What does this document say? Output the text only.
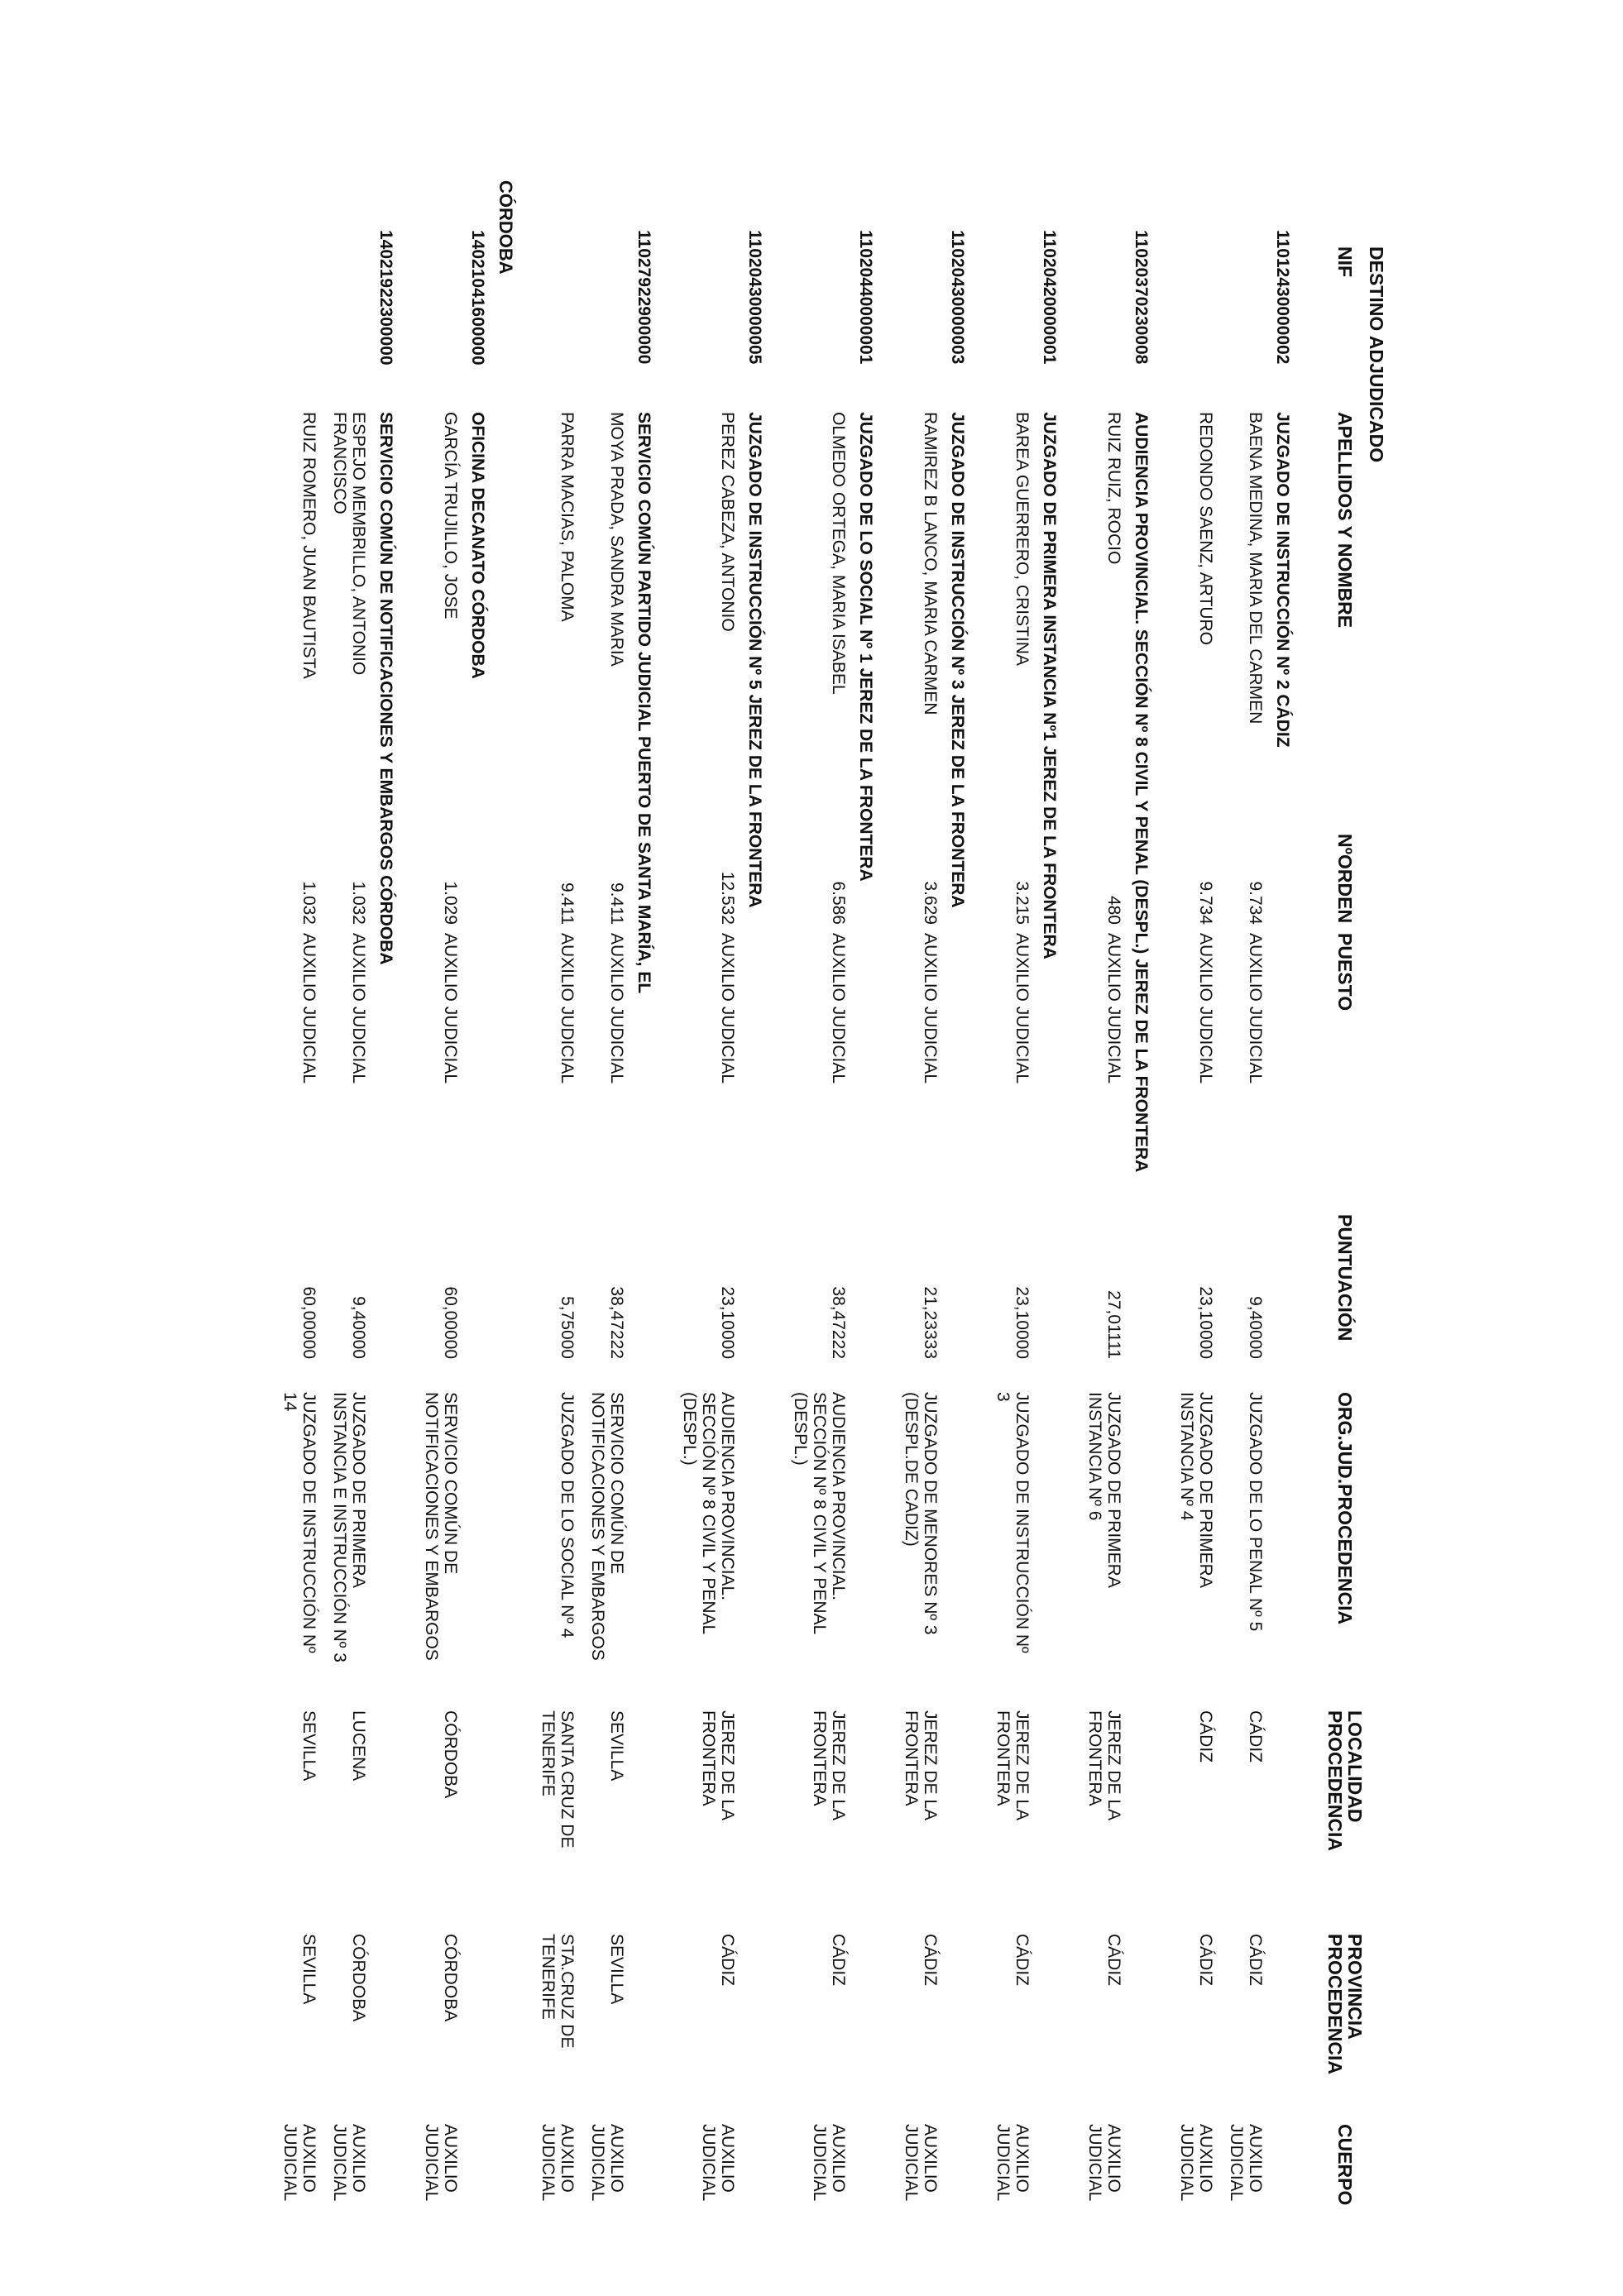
DESTINO ADJUDICADO
NIF
APELLIDOS Y NOMBRE
NºORDEN
PUESTO
PUNTUACIÓN
ORG.JUD.PROCEDENCIA
LOCALIDAD
PROCEDENCIA
PROVINCIA
PROCEDENCIA
CUERPO
11012430000002
JUZGADO DE INSTRUCCIÓN Nº 2 CÁDIZ
BAENA MEDINA, MARIA DEL CARMEN
9.734
AUXILIO JUDICIAL
9,40000
JUZGADO DE LO PENAL Nº 5
CÁDIZ
CÁDIZ
AUXILIO
JUDICIAL
REDONDO SAENZ, ARTURO
9.734
AUXILIO JUDICIAL
23,10000
JUZGADO DE PRIMERA
INSTANCIA Nº 4
CÁDIZ
CÁDIZ
AUXILIO
JUDICIAL
11020370230008
AUDIENCIA PROVINCIAL. SECCIÓN Nº 8 CIVIL Y PENAL (DESPL.) JEREZ DE LA FRONTERA
RUIZ RUIZ, ROCIO
480
AUXILIO JUDICIAL
27,01111
JUZGADO DE PRIMERA
INSTANCIA Nº 6
JEREZ DE LA
FRONTERA
CÁDIZ
AUXILIO
JUDICIAL
11020420000001
JUZGADO DE PRIMERA INSTANCIA Nº1 JEREZ DE LA FRONTERA
BAREA GUERRERO, CRISTINA
3.215
AUXILIO JUDICIAL
23,10000
JUZGADO DE INSTRUCCIÓN Nº
3
JEREZ DE LA
FRONTERA
CÁDIZ
AUXILIO
JUDICIAL
11020430000003
JUZGADO DE INSTRUCCIÓN Nº 3 JEREZ DE LA FRONTERA
RAMIREZ B LANCO, MARIA CARMEN
3.629
AUXILIO JUDICIAL
21,23333
JUZGADO DE MENORES Nº 3
(DESPL.DE CADIZ)
JEREZ DE LA
FRONTERA
CÁDIZ
AUXILIO
JUDICIAL
11020440000001
JUZGADO DE LO SOCIAL Nº 1 JEREZ DE LA FRONTERA
OLMEDO ORTEGA, MARIA ISABEL
6.586
AUXILIO JUDICIAL
38,47222
AUDIENCIA PROVINCIAL.
SECCIÓN Nº 8 CIVIL Y PENAL
(DESPL.)
JEREZ DE LA
FRONTERA
CÁDIZ
AUXILIO
JUDICIAL
11020430000005
JUZGADO DE INSTRUCCIÓN Nº 5 JEREZ DE LA FRONTERA
PEREZ CABEZA, ANTONIO
12.532
AUXILIO JUDICIAL
23,10000
AUDIENCIA PROVINCIAL.
SECCIÓN Nº 8 CIVIL Y PENAL
(DESPL.)
JEREZ DE LA
FRONTERA
CÁDIZ
AUXILIO
JUDICIAL
11027922900000
SERVICIO COMÚN PARTIDO JUDICIAL PUERTO DE SANTA MARÍA, EL
MOYA PRADA, SANDRA MARIA
9.411
AUXILIO JUDICIAL
38,47222
SERVICIO COMÚN DE
NOTIFICACIONES Y EMBARGOS
SEVILLA
SEVILLA
AUXILIO
JUDICIAL
PARRA MACIAS, PALOMA
9.411
AUXILIO JUDICIAL
5,75000
JUZGADO DE LO SOCIAL Nº 4
SANTA CRUZ DE
TENERIFE
STA.CRUZ DE
TENERIFE
AUXILIO
JUDICIAL
CÓRDOBA
14021041600000
OFICINA DECANATO CÓRDOBA
GARCÍA TRUJILLO, JOSE
1.029
AUXILIO JUDICIAL
60,00000
SERVICIO COMÚN DE
NOTIFICACIONES Y EMBARGOS
CÓRDOBA
CÓRDOBA
AUXILIO
JUDICIAL
14021922300000
SERVICIO COMÚN DE NOTIFICACIONES Y EMBARGOS CÓRDOBA
ESPEJO MEMBRILLO, ANTONIO
FRANCISCO
1.032
AUXILIO JUDICIAL
9,40000
JUZGADO DE PRIMERA
INSTANCIA E INSTRUCCIÓN Nº 3
LUCENA
CÓRDOBA
AUXILIO
JUDICIAL
RUIZ ROMERO, JUAN BAUTISTA
1.032
AUXILIO JUDICIAL
60,00000
JUZGADO DE INSTRUCCIÓN Nº
14
SEVILLA
SEVILLA
AUXILIO
JUDICIAL
